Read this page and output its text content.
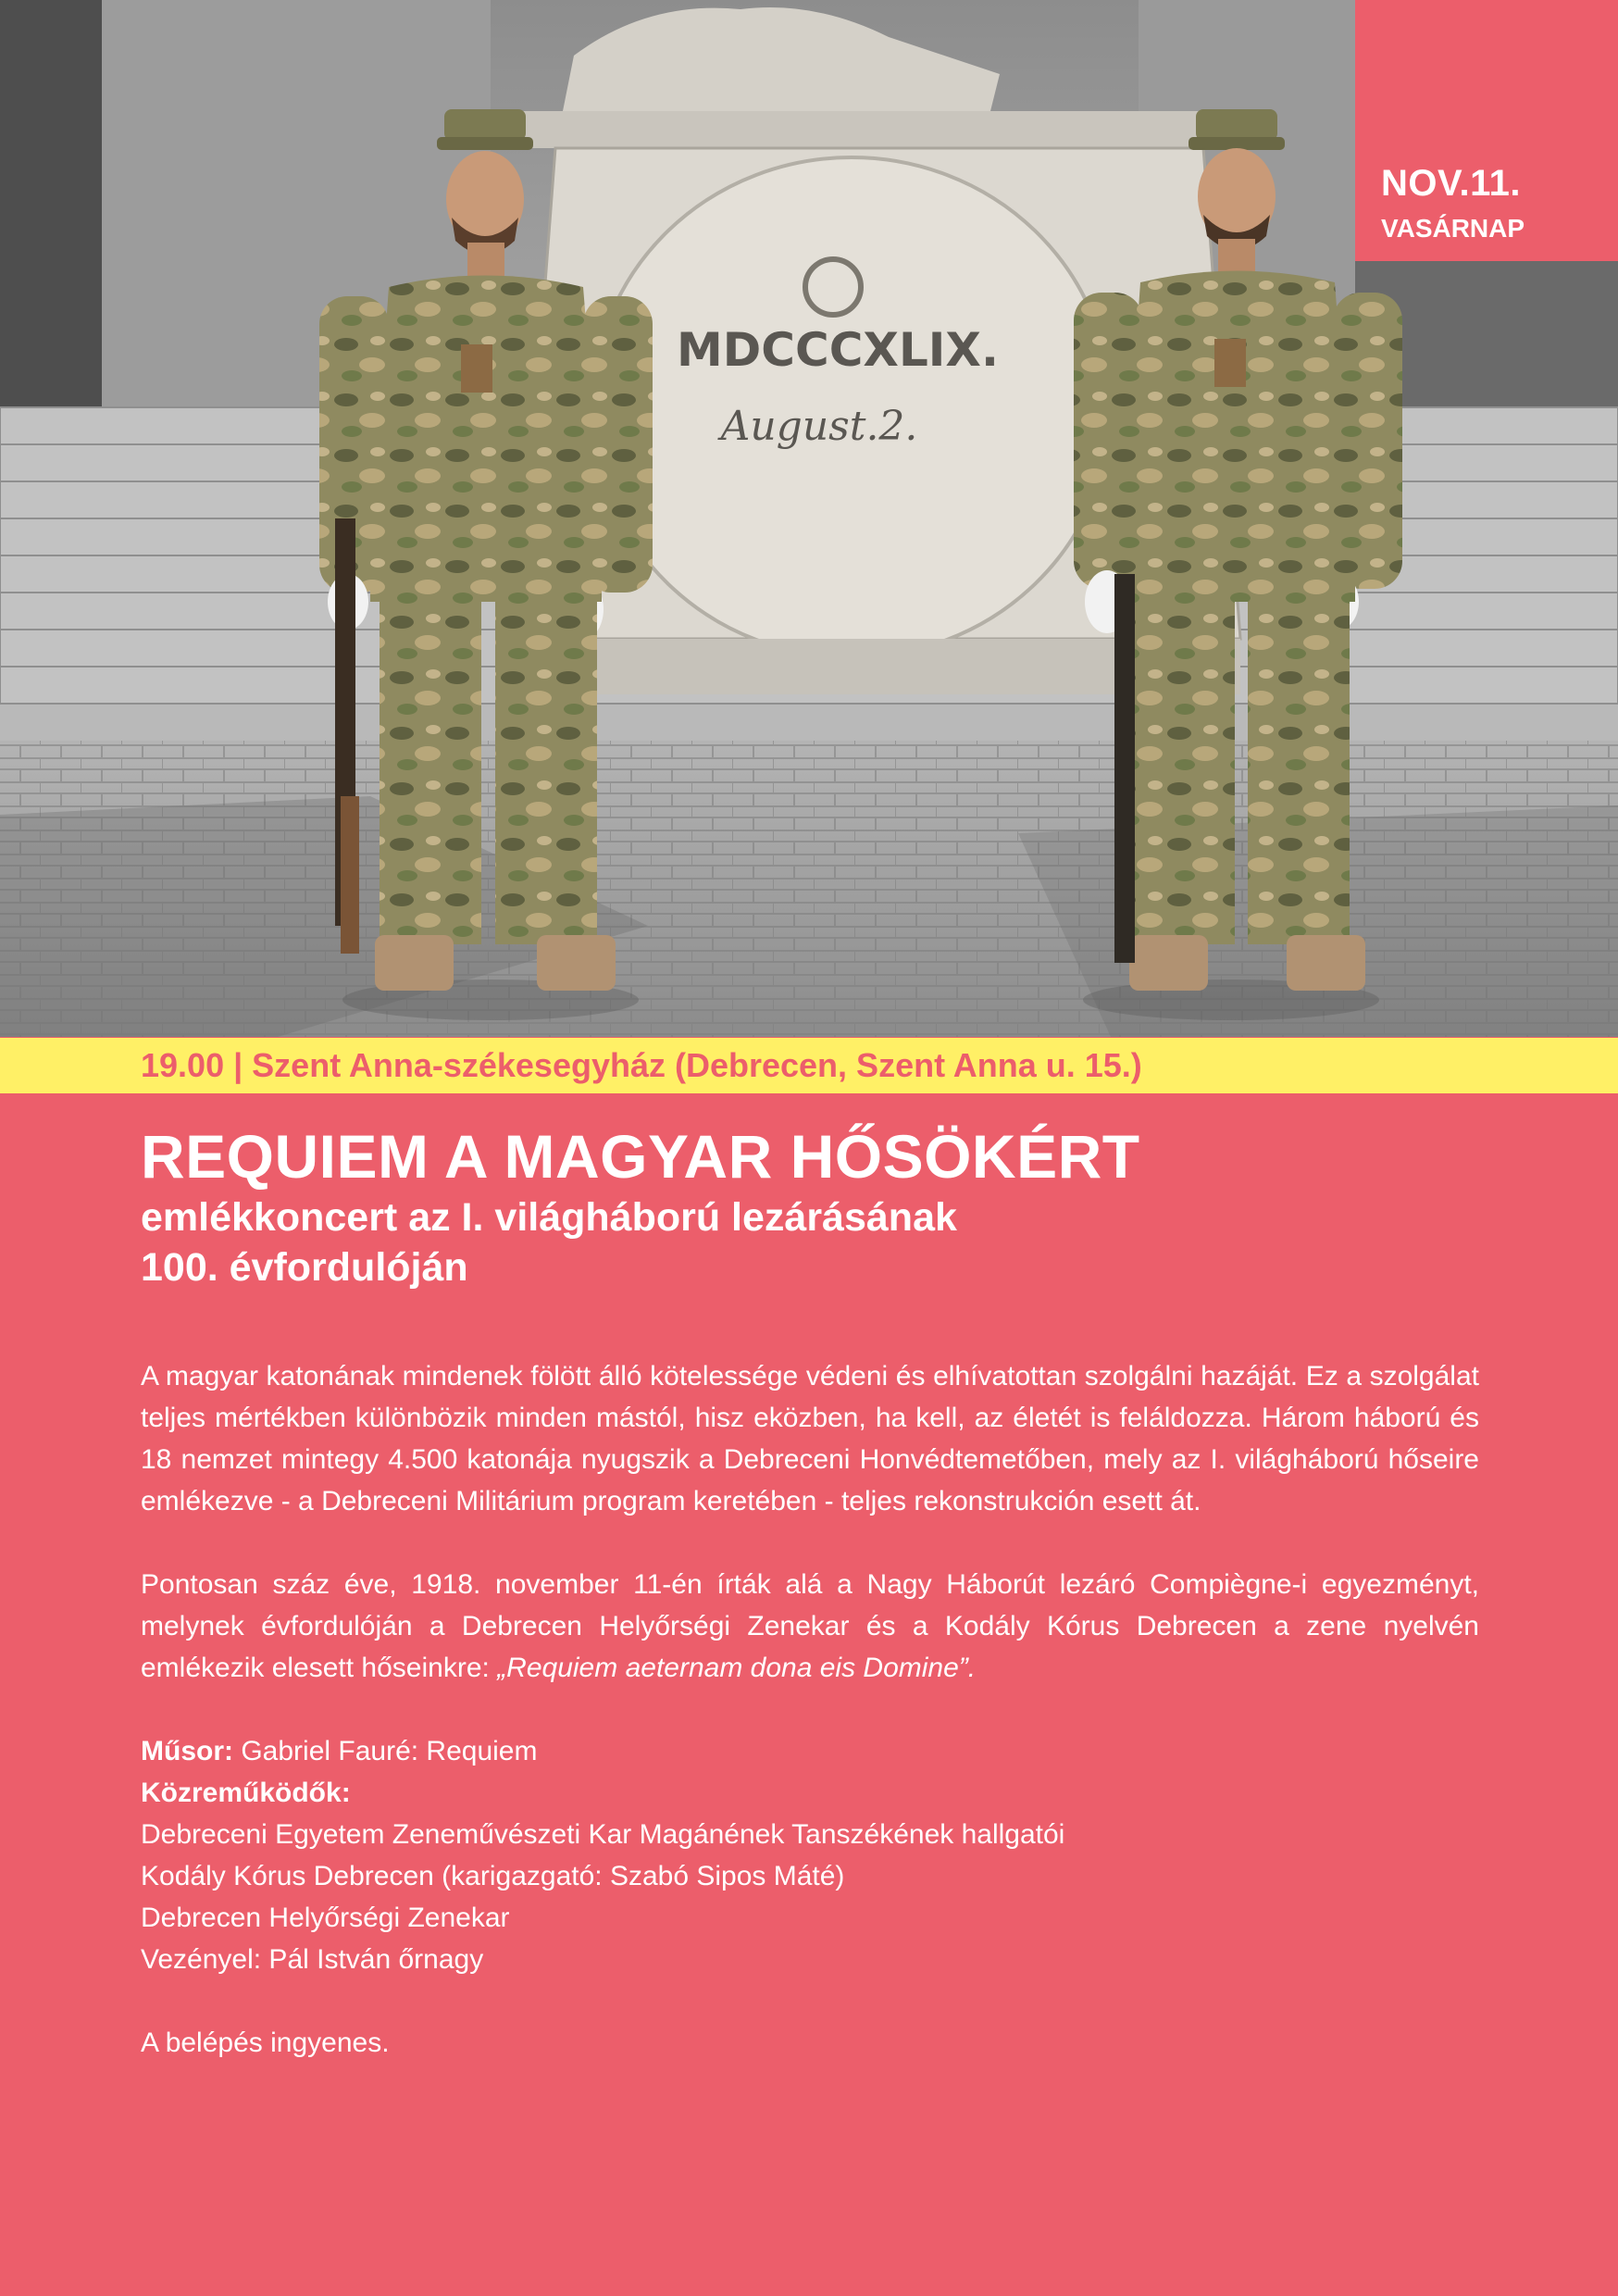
MDCCCXLIX.
August.2.
NOV.11.
VASÁRNAP
19.00 | Szent Anna-székesegyház (Debrecen, Szent Anna u. 15.)
REQUIEM A MAGYAR HŐSÖKÉRT

emlékkoncert az I. világháború lezárásának

100. évfordulóján

A magyar katonának mindenek fölött álló kötelessége védeni és elhívatottan szolgálni hazáját. Ez a szolgálat teljes mértékben különbözik minden mástól, hisz eközben, ha kell, az életét is feláldozza. Három háború és 18 nemzet mintegy 4.500 katonája nyugszik a Debreceni Honvédtemetőben, mely az I. világháború hőseire emlékezve - a Debreceni Militárium program keretében - teljes rekonstrukción esett át.

Pontosan száz éve, 1918. november 11-én írták alá a Nagy Háborút lezáró Compiègne-i egyezményt, melynek évfordulóján a Debrecen Helyőrségi Zenekar és a Kodály Kórus Debrecen a zene nyelvén emlékezik elesett hőseinkre: „Requiem aeternam dona eis Domine”.

Műsor: Gabriel Fauré: Requiem
Közreműködők:
Debreceni Egyetem Zeneművészeti Kar Magánének Tanszékének hallgatói
Kodály Kórus Debrecen (karigazgató: Szabó Sipos Máté)
Debrecen Helyőrségi Zenekar
Vezényel: Pál István őrnagy
A belépés ingyenes.
